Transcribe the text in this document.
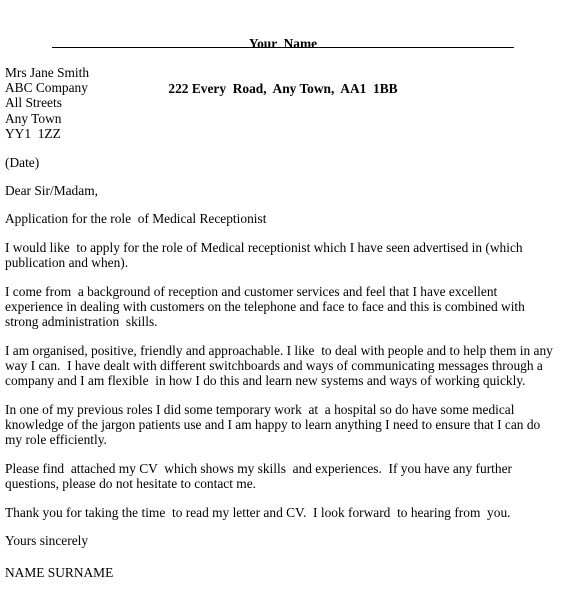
Your  Name

222 Every  Road,  Any Town,  AA1  1BB

Mrs Jane Smith
ABC Company
All Streets
Any Town
YY1  1ZZ

(Date)

Dear Sir/Madam,

Application for the role  of Medical Receptionist

I would like  to apply for the role of Medical receptionist which I have seen advertised in (which publication and when).

I come from  a background of reception and customer services and feel that I have excellent  experience in dealing with customers on the telephone and face to face and this is combined with strong administration  skills.

I am organised, positive, friendly and approachable. I like  to deal with people and to help them in any way I can.  I have dealt with different switchboards and ways of communicating messages through a company and I am flexible  in how I do this and learn new systems and ways of working quickly.

In one of my previous roles I did some temporary work  at  a hospital so do have some medical knowledge of the jargon patients use and I am happy to learn anything I need to ensure that I can do my role efficiently.

Please find  attached my CV  which shows my skills  and experiences.  If you have any further questions, please do not hesitate to contact me.

Thank you for taking the time  to read my letter and CV.  I look forward  to hearing from  you.

Yours sincerely

NAME SURNAME
